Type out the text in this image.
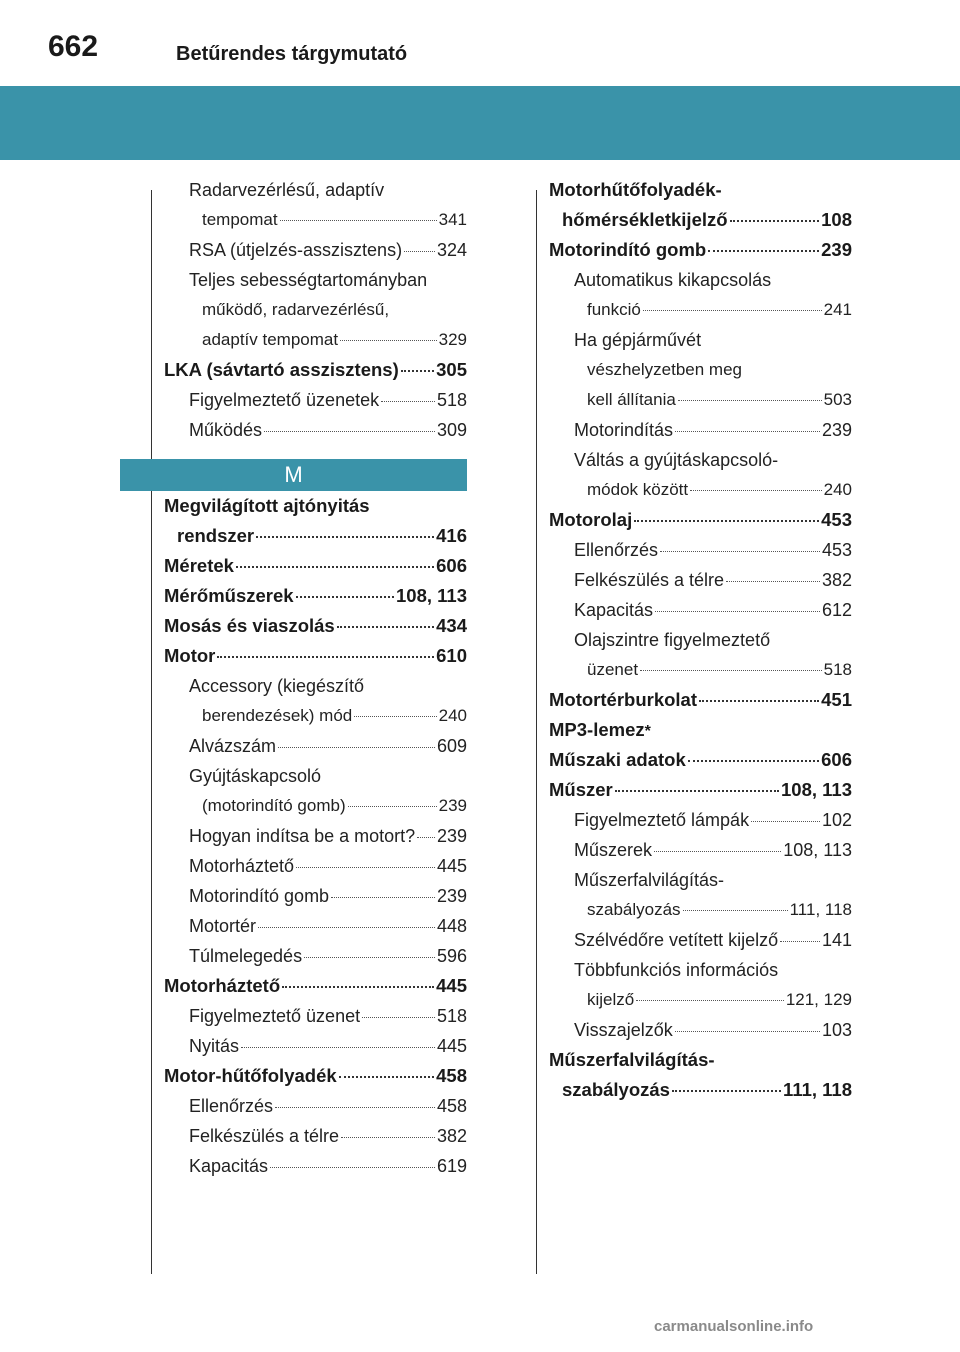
662	Betűrendes tárgymutató
Radarvezérlésű, adaptív
tempomat	341
RSA (útjelzés-asszisztens) 324
Teljes sebességtartományban
működő, radarvezérlésű,
adaptív tempomat	329
LKA (sávtartó asszisztens) 305
Figyelmeztető üzenetek	518
Működés	309
M
Megvilágított ajtónyitás
rendszer	416
Méretek	606
Mérőműszerek	108, 113
Mosás és viaszolás	434
Motor	610
Accessory (kiegészítő
berendezések) mód	240
Alvázszám	609
Gyújtáskapcsoló
(motorindító gomb)	239
Hogyan indítsa be a motort? 239
Motorháztető	445
Motorindító gomb	239
Motortér	448
Túlmelegedés	596
Motorháztető	445
Figyelmeztető üzenet	518
Nyitás	445
Motor-hűtőfolyadék	458
Ellenőrzés	458
Felkészülés a télre	382
Kapacitás	619
Motorhűtőfolyadék-
hőmérsékletkijelző	108
Motorindító gomb	239
Automatikus kikapcsolás
funkció	241
Ha gépjárművét
vészhelyzetben meg
kell állítania	503
Motorindítás	239
Váltás a gyújtáskapcsoló-
módok között	240
Motorolaj	453
Ellenőrzés	453
Felkészülés a télre	382
Kapacitás	612
Olajszintre figyelmeztető
üzenet	518
Motortérburkolat	451
MP3-lemez *
Műszaki adatok	606
Műszer	108, 113
Figyelmeztető lámpák	102
Műszerek	108, 113
Műszerfalvilágítás-
szabályozás	111, 118
Szélvédőre vetített kijelző 141
Többfunkciós információs
kijelző	121, 129
Visszajelzők	103
Műszerfalvilágítás-
szabályozás	111, 118
carmanualsonline.info
